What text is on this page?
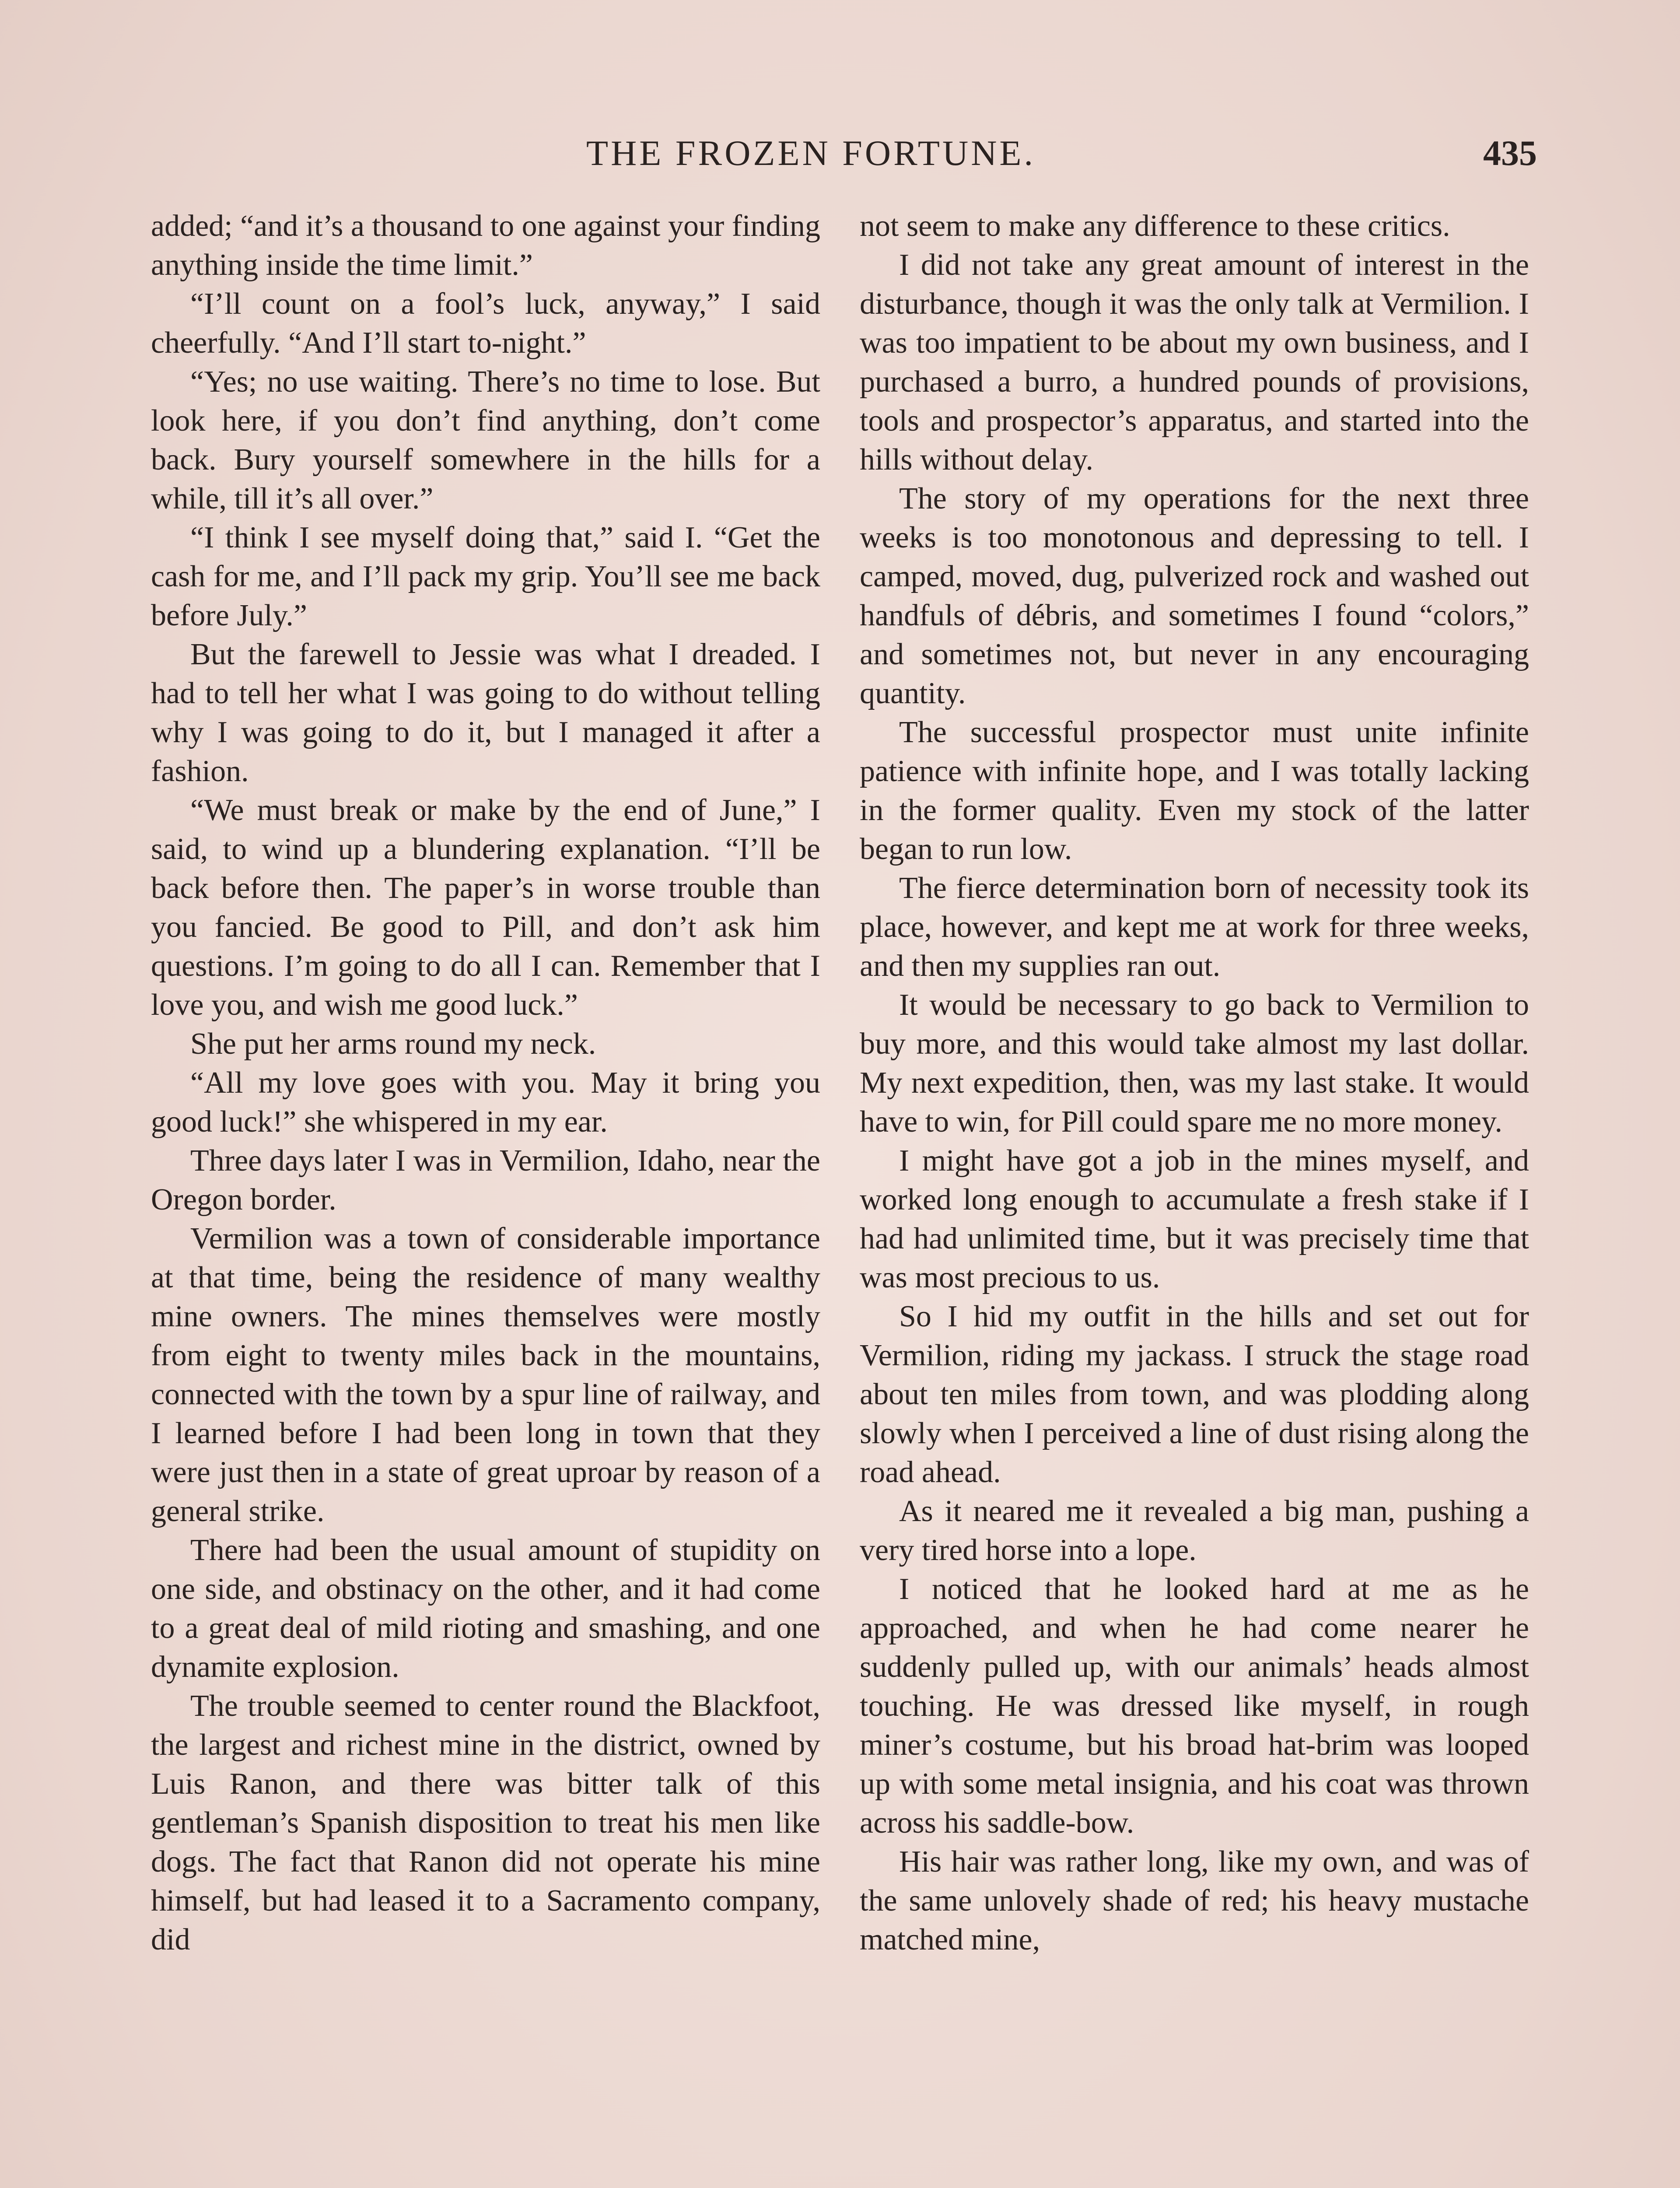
THE FROZEN FORTUNE.	435

added; “and it’s a thousand to one against your finding anything inside the time limit.”

“I’ll count on a fool’s luck, anyway,” I said cheerfully. “And I’ll start to-night.”

“Yes; no use waiting. There’s no time to lose. But look here, if you don’t find anything, don’t come back. Bury yourself somewhere in the hills for a while, till it’s all over.”

“I think I see myself doing that,” said I. “Get the cash for me, and I’ll pack my grip. You’ll see me back before July.”

But the farewell to Jessie was what I dreaded. I had to tell her what I was going to do without telling why I was going to do it, but I managed it after a fashion.

“We must break or make by the end of June,” I said, to wind up a blundering explanation. “I’ll be back before then. The paper’s in worse trouble than you fancied. Be good to Pill, and don’t ask him questions. I’m going to do all I can. Remember that I love you, and wish me good luck.”

She put her arms round my neck.

“All my love goes with you. May it bring you good luck!” she whispered in my ear.

Three days later I was in Vermilion, Idaho, near the Oregon border.

Vermilion was a town of considerable importance at that time, being the residence of many wealthy mine owners. The mines themselves were mostly from eight to twenty miles back in the mountains, connected with the town by a spur line of railway, and I learned before I had been long in town that they were just then in a state of great uproar by reason of a general strike.

There had been the usual amount of stupidity on one side, and obstinacy on the other, and it had come to a great deal of mild rioting and smashing, and one dynamite explosion.

The trouble seemed to center round the Blackfoot, the largest and richest mine in the district, owned by Luis Ranon, and there was bitter talk of this gentleman’s Spanish disposition to treat his men like dogs. The fact that Ranon did not operate his mine himself, but had leased it to a Sacramento company, did

not seem to make any difference to these critics.

I did not take any great amount of interest in the disturbance, though it was the only talk at Vermilion. I was too impatient to be about my own business, and I purchased a burro, a hundred pounds of provisions, tools and prospector’s apparatus, and started into the hills without delay.

The story of my operations for the next three weeks is too monotonous and depressing to tell. I camped, moved, dug, pulverized rock and washed out handfuls of débris, and sometimes I found “colors,” and sometimes not, but never in any encouraging quantity.

The successful prospector must unite infinite patience with infinite hope, and I was totally lacking in the former quality. Even my stock of the latter began to run low.

The fierce determination born of necessity took its place, however, and kept me at work for three weeks, and then my supplies ran out.

It would be necessary to go back to Vermilion to buy more, and this would take almost my last dollar. My next expedition, then, was my last stake. It would have to win, for Pill could spare me no more money.

I might have got a job in the mines myself, and worked long enough to accumulate a fresh stake if I had had unlimited time, but it was precisely time that was most precious to us.

So I hid my outfit in the hills and set out for Vermilion, riding my jackass. I struck the stage road about ten miles from town, and was plodding along slowly when I perceived a line of dust rising along the road ahead.

As it neared me it revealed a big man, pushing a very tired horse into a lope.

I noticed that he looked hard at me as he approached, and when he had come nearer he suddenly pulled up, with our animals’ heads almost touching. He was dressed like myself, in rough miner’s costume, but his broad hat-brim was looped up with some metal insignia, and his coat was thrown across his saddle-bow.

His hair was rather long, like my own, and was of the same unlovely shade of red; his heavy mustache matched mine,
